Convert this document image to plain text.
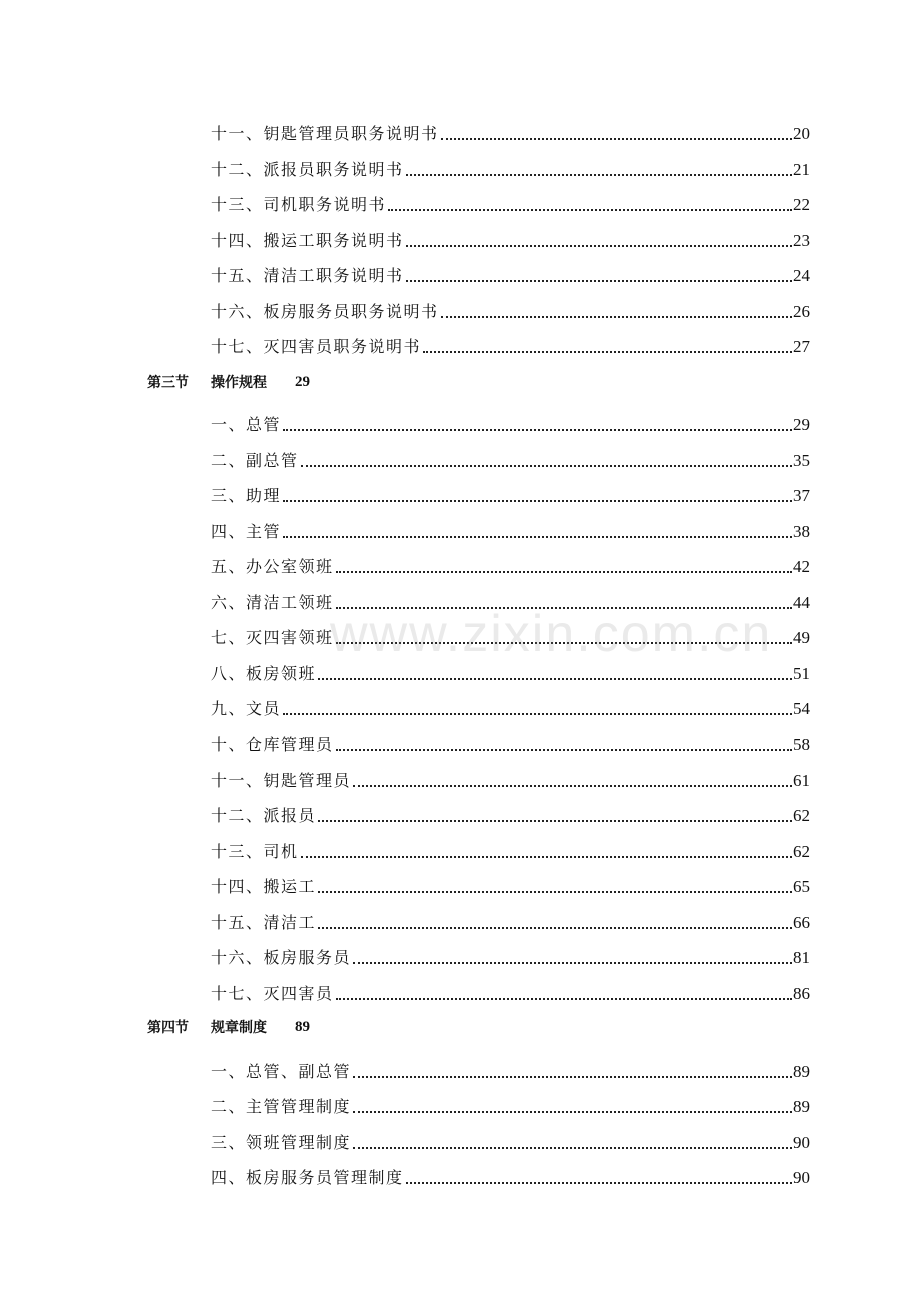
十一、钥匙管理员职务说明书	20
十二、派报员职务说明书	21
十三、司机职务说明书	22
十四、搬运工职务说明书	23
十五、清洁工职务说明书	24
十六、板房服务员职务说明书	26
十七、灭四害员职务说明书	27
第三节	操作规程	29
一、总管	29
二、副总管	35
三、助理	37
四、主管	38
五、办公室领班	42
六、清洁工领班	44
七、灭四害领班	49
八、板房领班	51
九、文员	54
十、仓库管理员	58
十一、钥匙管理员	61
十二、派报员	62
十三、司机	62
十四、搬运工	65
十五、清洁工	66
十六、板房服务员	81
十七、灭四害员	86
第四节	规章制度	89
一、总管、副总管	89
二、主管管理制度	89
三、领班管理制度	90
四、板房服务员管理制度	90
www.zixin.com.cn
